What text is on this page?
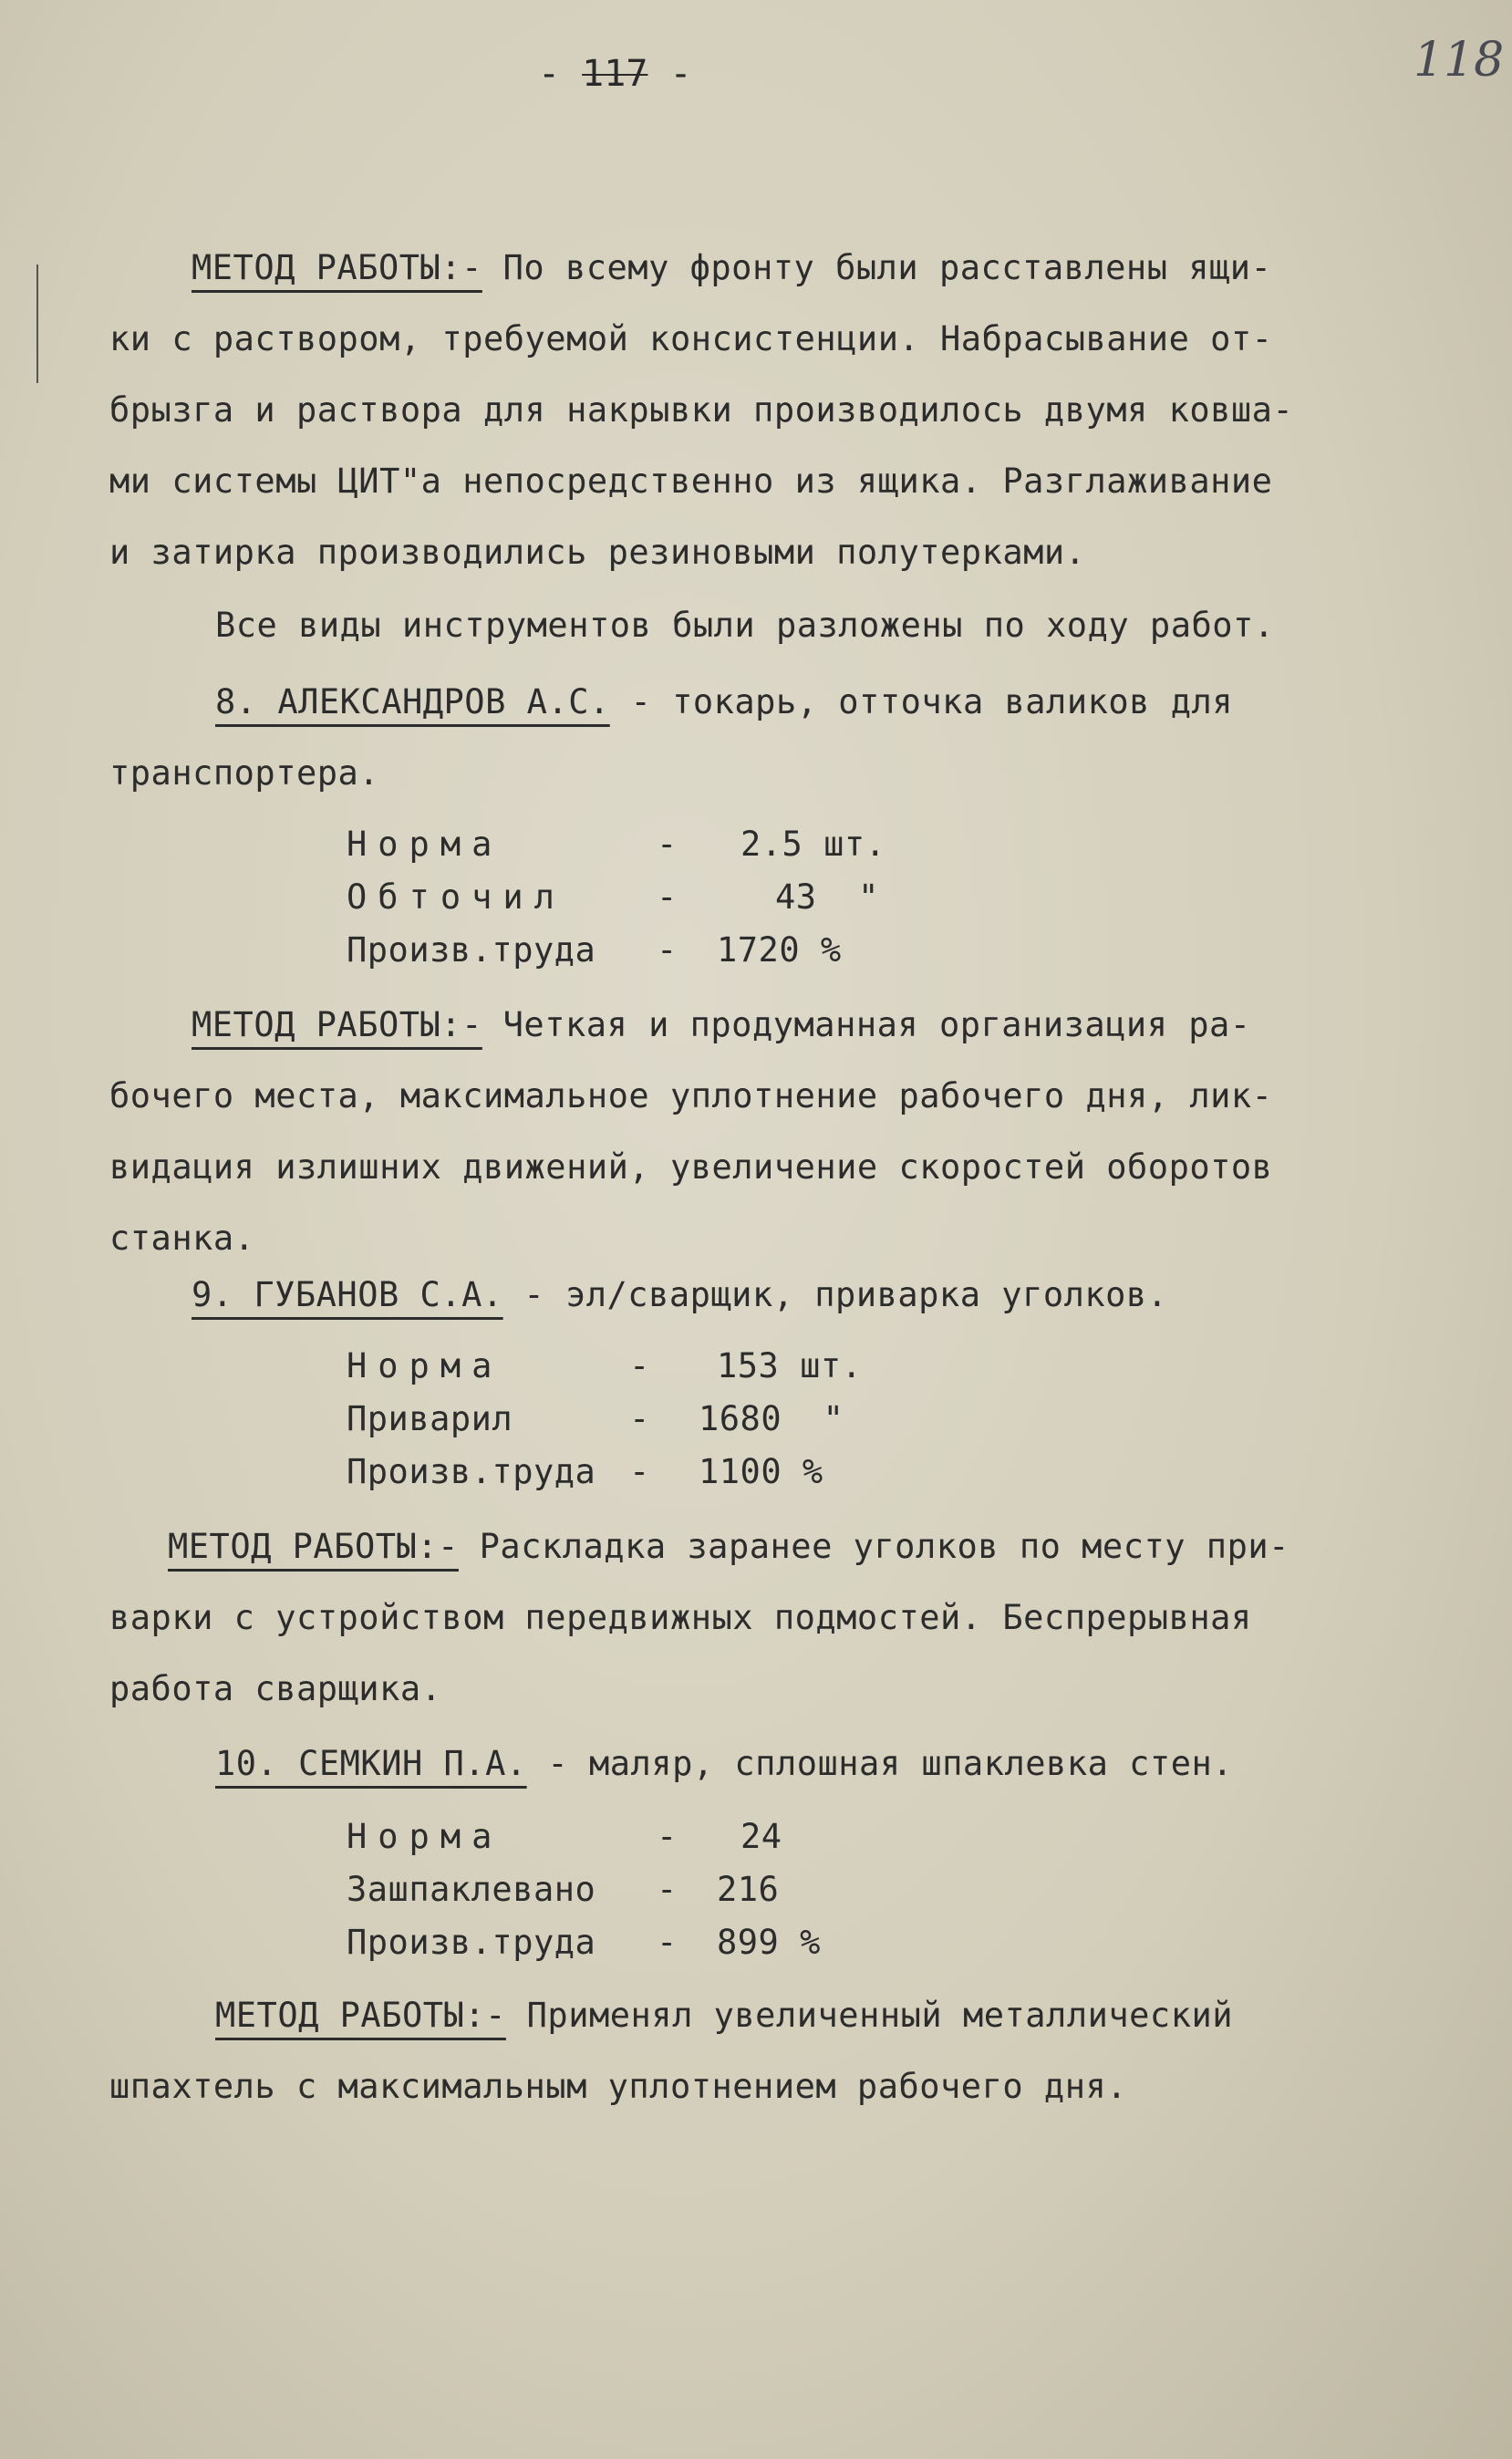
- 117 -	118
МЕТОД РАБОТЫ:- По всему фронту были расставлены ящи-
ки с раствором, требуемой консистенции. Набрасывание от-
брызга и раствора для накрывки производилось двумя ковша-
ми системы ЦИТ"а непосредственно из ящика. Разглаживание
и затирка производились резиновыми полутерками.
Все виды инструментов были разложены по ходу работ.
8. АЛЕКСАНДРОВ А.С. - токарь, отточка валиков для
транспортера.
Норма	- 2.5 шт.
Обточил	-	43  "
Произв.труда - 1720 %
МЕТОД РАБОТЫ:- Четкая и продуманная организация ра-
бочего места, максимальное уплотнение рабочего дня, лик-
видация излишних движений, увеличение скоростей оборотов
станка.
9. ГУБАНОВ С.А. - эл/сварщик, приварка уголков.
Норма	- 153 шт.
Приварил	- 1680  "
Произв.труда - 1100 %
МЕТОД РАБОТЫ:- Раскладка заранее уголков по месту при-
варки с устройством передвижных подмостей. Беспрерывная
работа сварщика.
10. СЕМКИН П.А. - маляр, сплошная шпаклевка стен.
Норма	- 24
Зашпаклевано - 216
Произв.труда - 899 %
МЕТОД РАБОТЫ:- Применял увеличенный металлический
шпахтель с максимальным уплотнением рабочего дня.
